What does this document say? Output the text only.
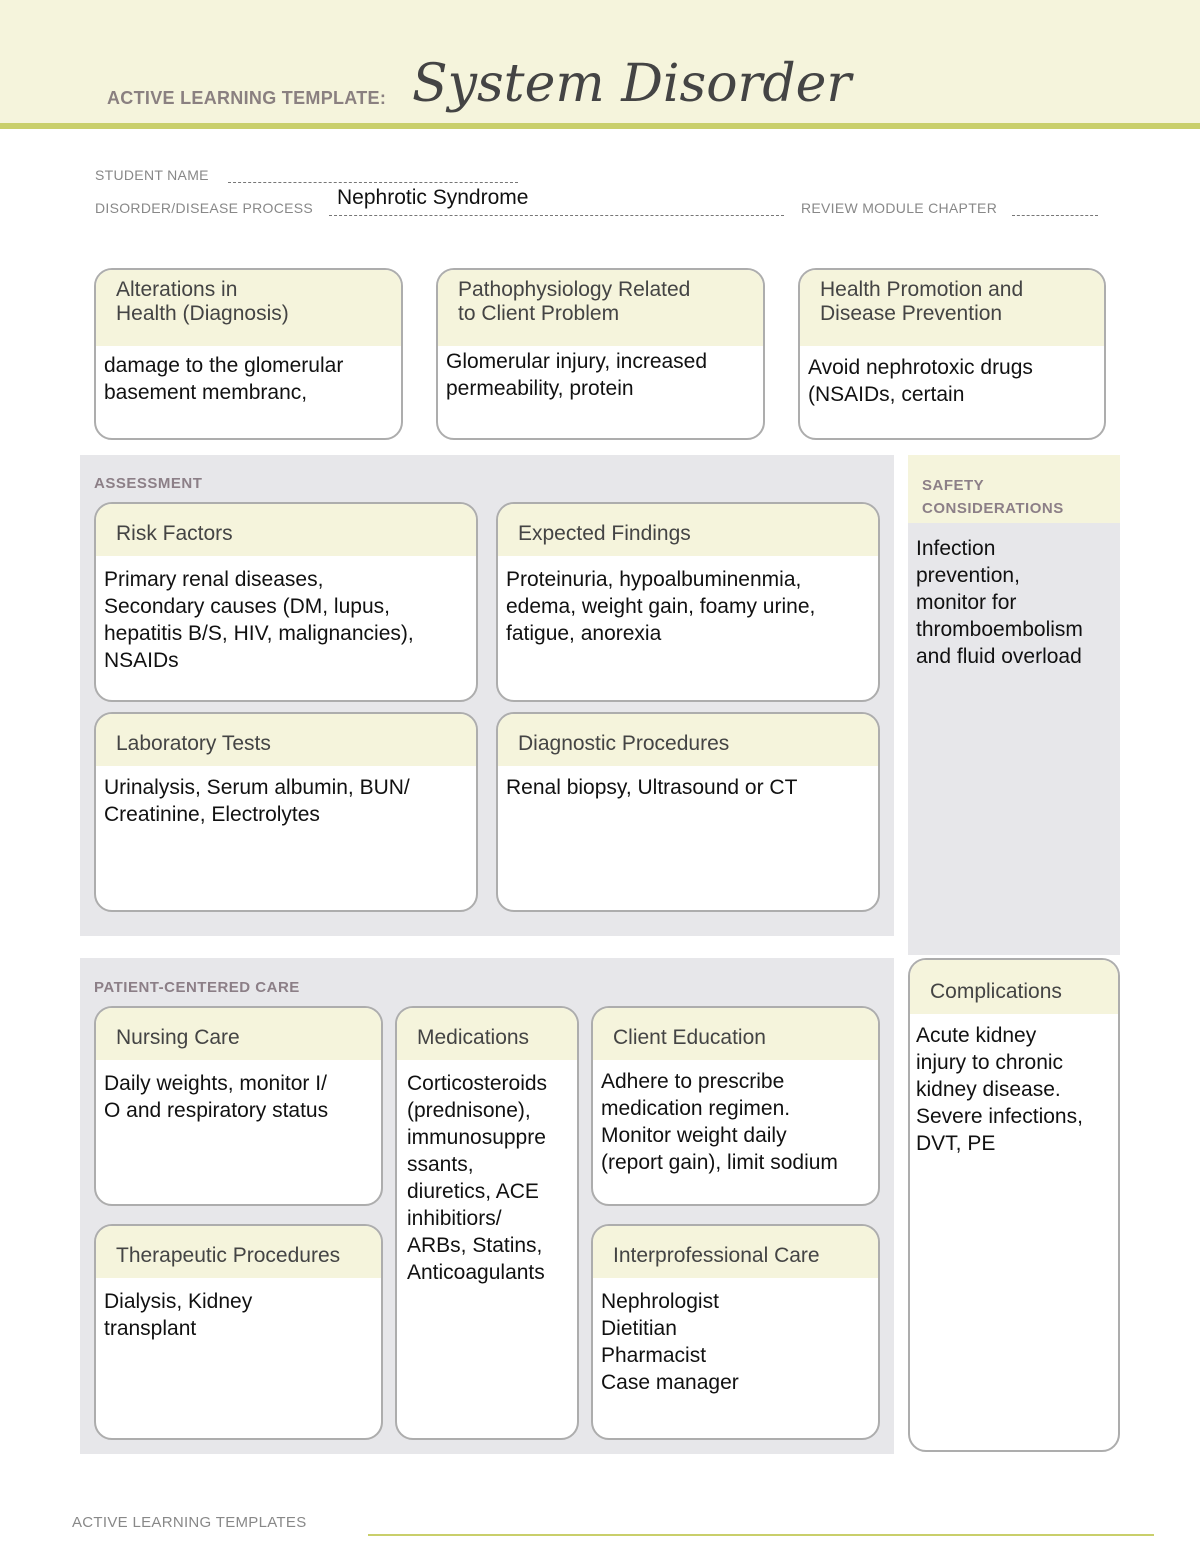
ACTIVE LEARNING TEMPLATE: System Disorder
STUDENT NAME
DISORDER/DISEASE PROCESS Nephrotic Syndrome	REVIEW MODULE CHAPTER
Alterations in
Health (Diagnosis)
damage to the glomerular
basement membranc,
Pathophysiology Related
to Client Problem
Glomerular injury, increased
permeability, protein
Health Promotion and
Disease Prevention
Avoid nephrotoxic drugs
(NSAIDs, certain
ASSESSMENT
Risk Factors
Primary renal diseases,
Secondary causes (DM, lupus,
hepatitis B/S, HIV, malignancies),
NSAIDs
Expected Findings
Proteinuria, hypoalbuminenmia,
edema, weight gain, foamy urine,
fatigue, anorexia
Laboratory Tests
Urinalysis, Serum albumin, BUN/
Creatinine, Electrolytes
Diagnostic Procedures
Renal biopsy, Ultrasound or CT
SAFETY
CONSIDERATIONS
Infection
prevention,
monitor for
thromboembolism
and fluid overload
PATIENT-CENTERED CARE
Nursing Care
Daily weights, monitor I/
O and respiratory status
Medications
Corticosteroids
(prednisone),
immunosuppre
ssants,
diuretics, ACE
inhibitiors/
ARBs, Statins,
Anticoagulants
Client Education
Adhere to prescribe
medication regimen.
Monitor weight daily
(report gain), limit sodium
Therapeutic Procedures
Dialysis, Kidney
transplant
Interprofessional Care
Nephrologist
Dietitian
Pharmacist
Case manager
Complications
Acute kidney
injury to chronic
kidney disease.
Severe infections,
DVT, PE
ACTIVE LEARNING TEMPLATES
